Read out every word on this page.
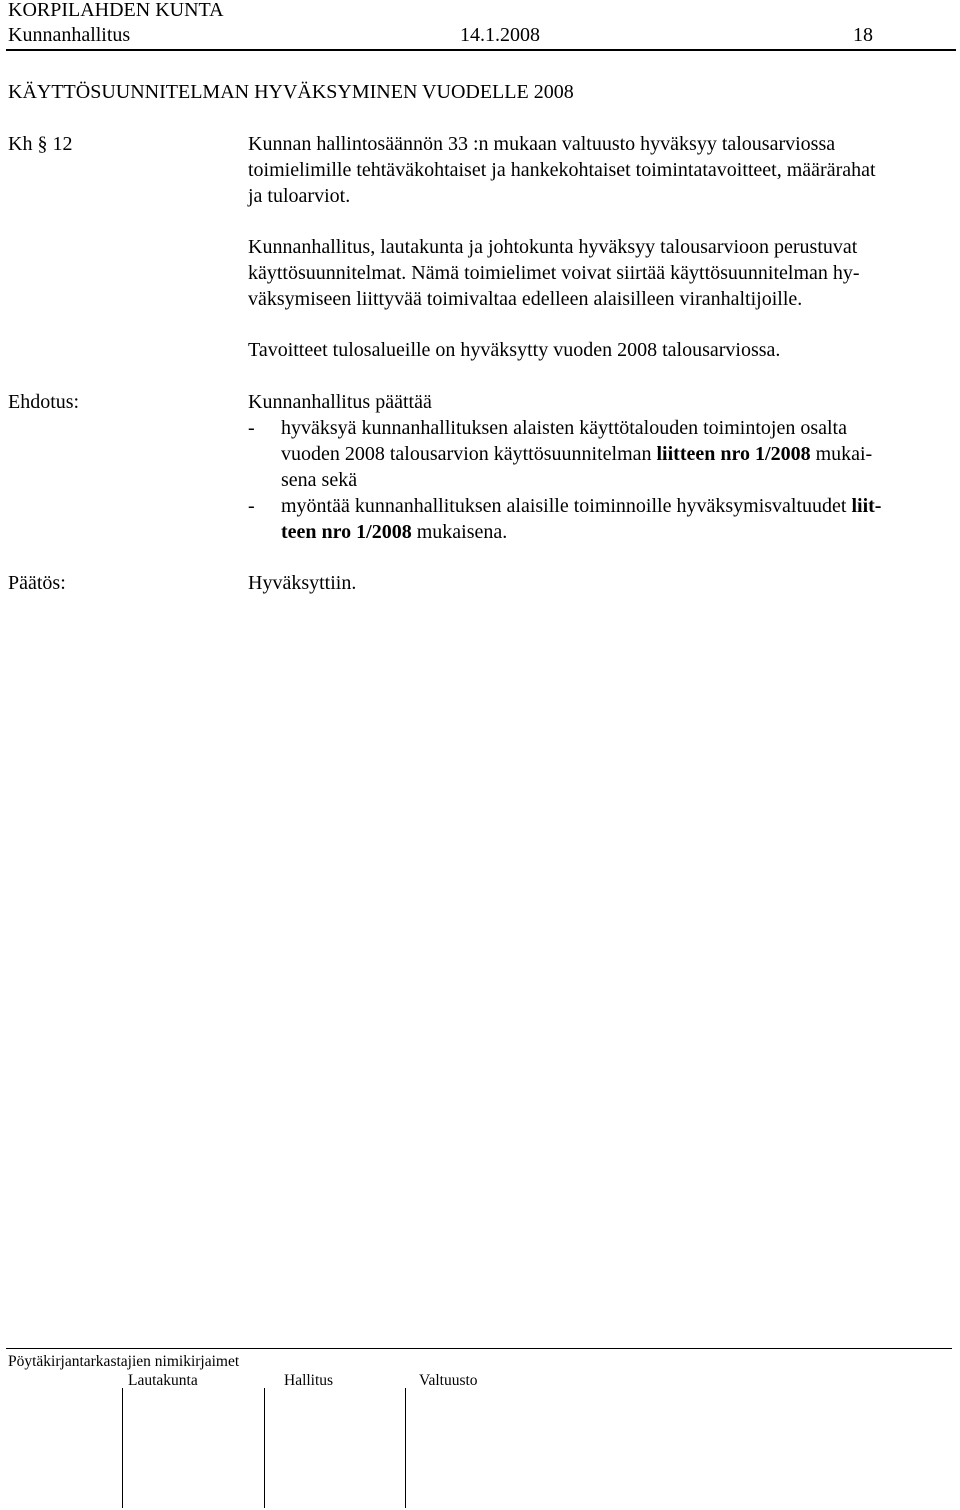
KORPILAHDEN KUNTA
Kunnanhallitus	14.1.2008	18
KÄYTTÖSUUNNITELMAN HYVÄKSYMINEN VUODELLE 2008
Kh § 12	Kunnan hallintosäännön 33 :n mukaan valtuusto hyväksyy talousarviossa
toimielimille tehtäväkohtaiset ja hankekohtaiset toimintatavoitteet, määrärahat
ja tuloarviot.
Kunnanhallitus, lautakunta ja johtokunta hyväksyy talousarvioon perustuvat
käyttösuunnitelmat. Nämä toimielimet voivat siirtää käyttösuunnitelman hy-
väksymiseen liittyvää toimivaltaa edelleen alaisilleen viranhaltijoille.
Tavoitteet tulosalueille on hyväksytty vuoden 2008 talousarviossa.
Ehdotus:	Kunnanhallitus päättää
- hyväksyä kunnanhallituksen alaisten käyttötalouden toimintojen osalta
vuoden 2008 talousarvion käyttösuunnitelman liitteen nro 1/2008 mukai-
sena sekä
- myöntää kunnanhallituksen alaisille toiminnoille hyväksymisvaltuudet liit-
teen nro 1/2008 mukaisena.
Päätös:	Hyväksyttiin.
Pöytäkirjantarkastajien nimikirjaimet
Lautakunta	Hallitus	Valtuusto
